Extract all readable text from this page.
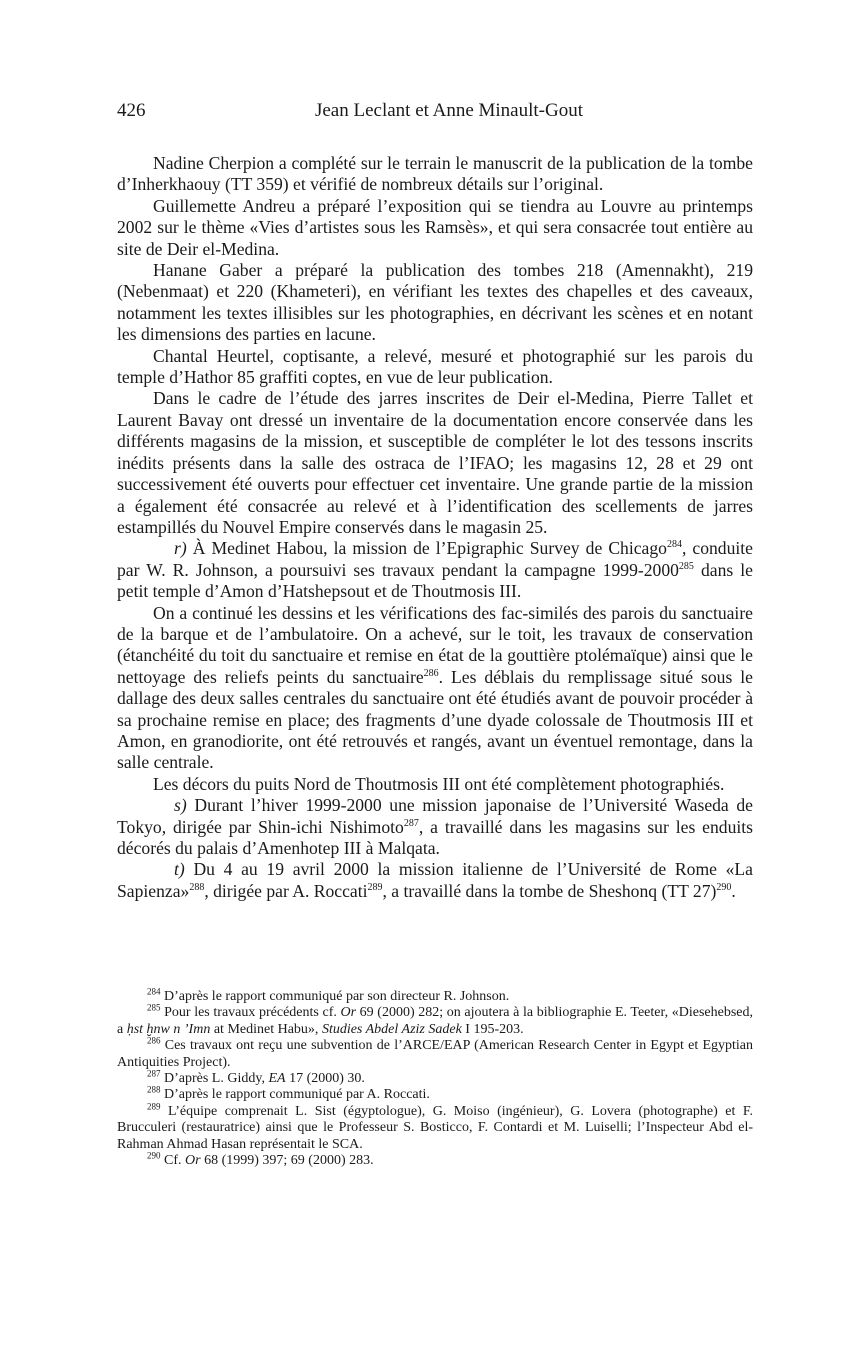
426	Jean Leclant et Anne Minault-Gout

Nadine Cherpion a complété sur le terrain le manuscrit de la publication de la tombe d’Inherkhaouy (TT 359) et vérifié de nombreux détails sur l’original.

Guillemette Andreu a préparé l’exposition qui se tiendra au Louvre au printemps 2002 sur le thème «Vies d’artistes sous les Ramsès», et qui sera consacrée tout entière au site de Deir el-Medina.

Hanane Gaber a préparé la publication des tombes 218 (Amennakht), 219 (Nebenmaat) et 220 (Khameteri), en vérifiant les textes des chapelles et des caveaux, notamment les textes illisibles sur les photographies, en décrivant les scènes et en notant les dimensions des parties en lacune.

Chantal Heurtel, coptisante, a relevé, mesuré et photographié sur les parois du temple d’Hathor 85 graffiti coptes, en vue de leur publication.

Dans le cadre de l’étude des jarres inscrites de Deir el-Medina, Pierre Tallet et Laurent Bavay ont dressé un inventaire de la documentation encore conservée dans les différents magasins de la mission, et susceptible de compléter le lot des tessons inscrits inédits présents dans la salle des ostraca de l’IFAO; les magasins 12, 28 et 29 ont successivement été ouverts pour effectuer cet inventaire. Une grande partie de la mission a également été consacrée au relevé et à l’identification des scellements de jarres estampillés du Nouvel Empire conservés dans le magasin 25.

r) À Medinet Habou, la mission de l’Epigraphic Survey de Chicago$^{284}$, conduite par W. R. Johnson, a poursuivi ses travaux pendant la campagne 1999-2000$^{285}$ dans le petit temple d’Amon d’Hatshepsout et de Thoutmosis III.

On a continué les dessins et les vérifications des fac-similés des parois du sanctuaire de la barque et de l’ambulatoire. On a achevé, sur le toit, les travaux de conservation (étanchéité du toit du sanctuaire et remise en état de la gouttière ptolémaïque) ainsi que le nettoyage des reliefs peints du sanctuaire$^{286}$. Les déblais du remplissage situé sous le dallage des deux salles centrales du sanctuaire ont été étudiés avant de pouvoir procéder à sa prochaine remise en place; des fragments d’une dyade colossale de Thoutmosis III et Amon, en granodiorite, ont été retrouvés et rangés, avant un éventuel remontage, dans la salle centrale.

Les décors du puits Nord de Thoutmosis III ont été complètement photographiés.

s) Durant l’hiver 1999-2000 une mission japonaise de l’Université Waseda de Tokyo, dirigée par Shin-ichi Nishimoto$^{287}$, a travaillé dans les magasins sur les enduits décorés du palais d’Amenhotep III à Malqata.

t) Du 4 au 19 avril 2000 la mission italienne de l’Université de Rome «La Sapienza»$^{288}$, dirigée par A. Roccati$^{289}$, a travaillé dans la tombe de Sheshonq (TT 27)$^{290}$.

$^{284}$ D’après le rapport communiqué par son directeur R. Johnson.

$^{285}$ Pour les travaux précédents cf. Or 69 (2000) 282; on ajoutera à la bibliographie E. Teeter, «Diesehebsed, a ḥst ḫnw n ’Imn at Medinet Habu», Studies Abdel Aziz Sadek I 195-203.

$^{286}$ Ces travaux ont reçu une subvention de l’ARCE/EAP (American Research Center in Egypt et Egyptian Antiquities Project).

$^{287}$ D’après L. Giddy, EA 17 (2000) 30.

$^{288}$ D’après le rapport communiqué par A. Roccati.

$^{289}$ L’équipe comprenait L. Sist (égyptologue), G. Moiso (ingénieur), G. Lovera (photographe) et F. Brucculeri (restauratrice) ainsi que le Professeur S. Bosticco, F. Contardi et M. Luiselli; l’Inspecteur Abd el-Rahman Ahmad Hasan représentait le SCA.

$^{290}$ Cf. Or 68 (1999) 397; 69 (2000) 283.
